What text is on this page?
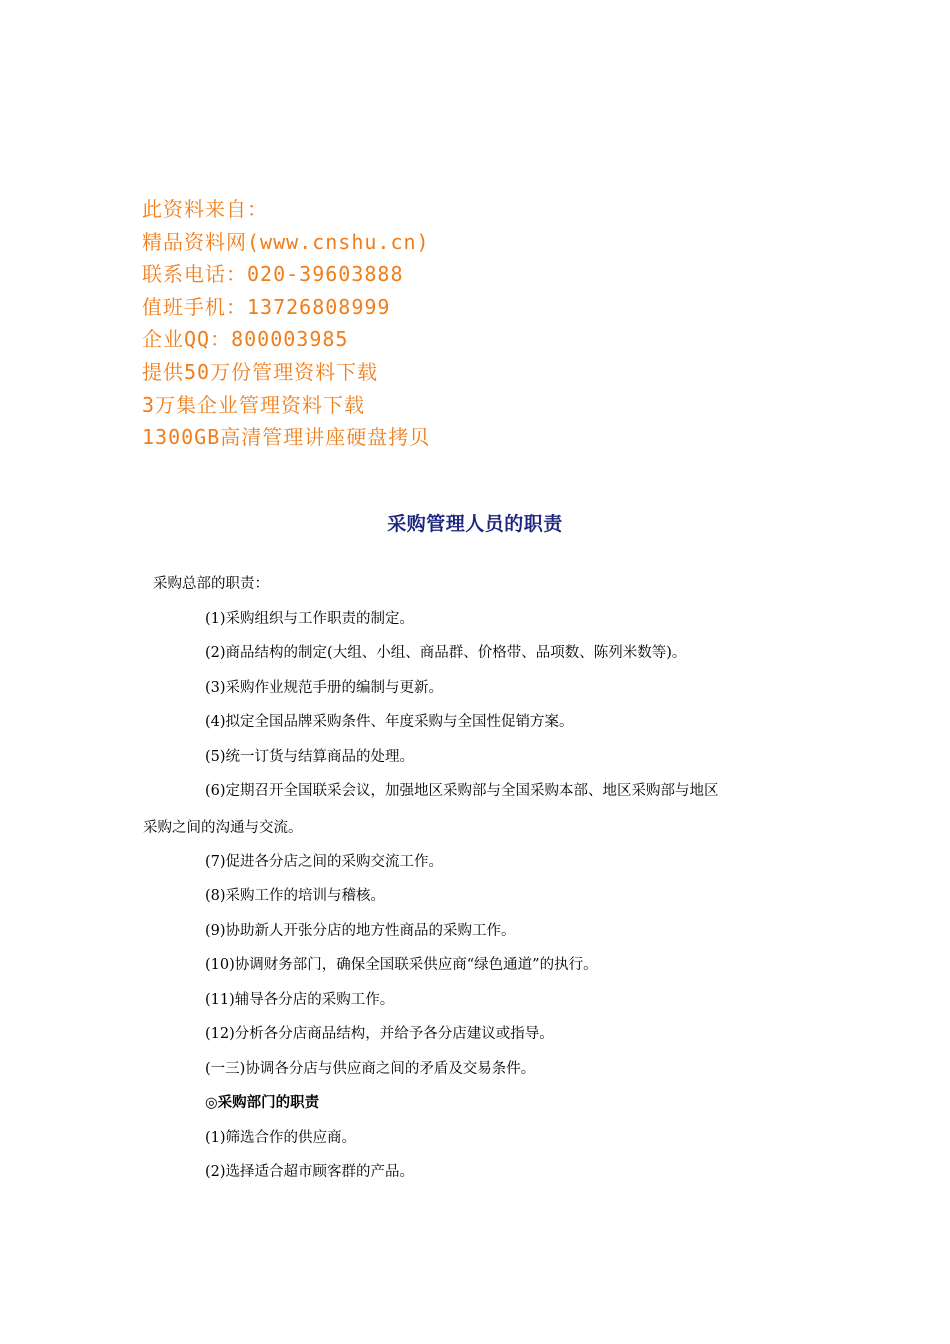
此资料来自：
精品资料网(www.cnshu.cn)
联系电话：020-39603888
值班手机：13726808999
企业QQ：800003985
提供50万份管理资料下载
3万集企业管理资料下载
1300GB高清管理讲座硬盘拷贝
采购管理人员的职责
采购总部的职责：
(1)采购组织与工作职责的制定。
(2)商品结构的制定(大组、小组、商品群、价格带、品项数、陈列米数等)。
(3)采购作业规范手册的编制与更新。
(4)拟定全国品牌采购条件、年度采购与全国性促销方案。
(5)统一订货与结算商品的处理。
(6)定期召开全国联采会议，加强地区采购部与全国采购本部、地区采购部与地区
采购之间的沟通与交流。
(7)促进各分店之间的采购交流工作。
(8)采购工作的培训与稽核。
(9)协助新人开张分店的地方性商品的采购工作。
(10)协调财务部门，确保全国联采供应商“绿色通道”的执行。
(11)辅导各分店的采购工作。
(12)分析各分店商品结构，并给予各分店建议或指导。
(一三)协调各分店与供应商之间的矛盾及交易条件。
◎采购部门的职责
(1)筛选合作的供应商。
(2)选择适合超市顾客群的产品。
